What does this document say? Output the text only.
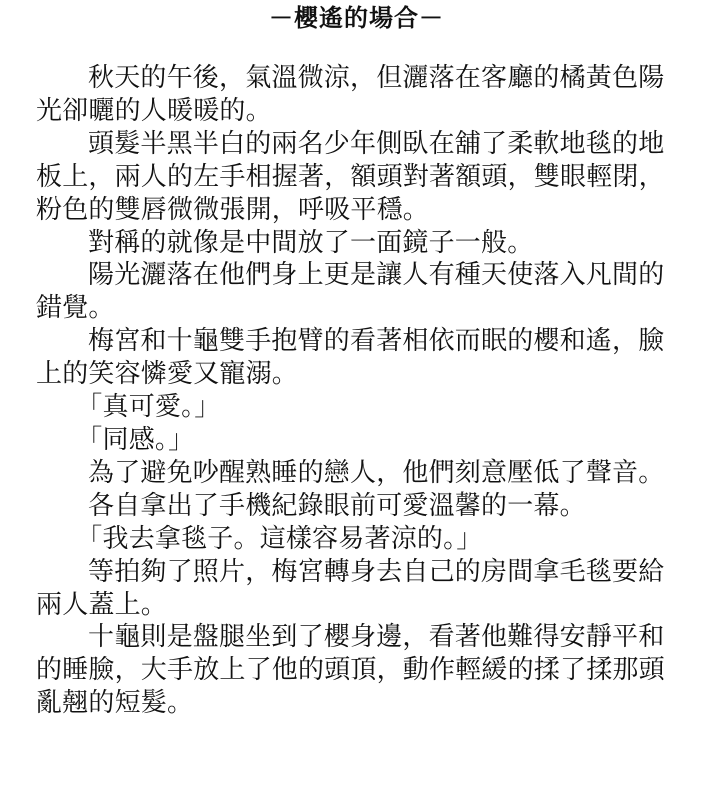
－櫻遙的場合－

秋天的午後，氣溫微涼，但灑落在客廳的橘黃色陽光卻曬的人暖暖的。

頭髮半黑半白的兩名少年側臥在舖了柔軟地毯的地板上，兩人的左手相握著，額頭對著額頭，雙眼輕閉，粉色的雙唇微微張開，呼吸平穩。

對稱的就像是中間放了一面鏡子一般。

陽光灑落在他們身上更是讓人有種天使落入凡間的錯覺。

梅宮和十龜雙手抱臂的看著相依而眠的櫻和遙，臉上的笑容憐愛又寵溺。

「真可愛。」

「同感。」

為了避免吵醒熟睡的戀人，他們刻意壓低了聲音。

各自拿出了手機紀錄眼前可愛溫馨的一幕。

「我去拿毯子。這樣容易著涼的。」

等拍夠了照片，梅宮轉身去自己的房間拿毛毯要給兩人蓋上。

十龜則是盤腿坐到了櫻身邊，看著他難得安靜平和的睡臉，大手放上了他的頭頂，動作輕緩的揉了揉那頭亂翹的短髮。
